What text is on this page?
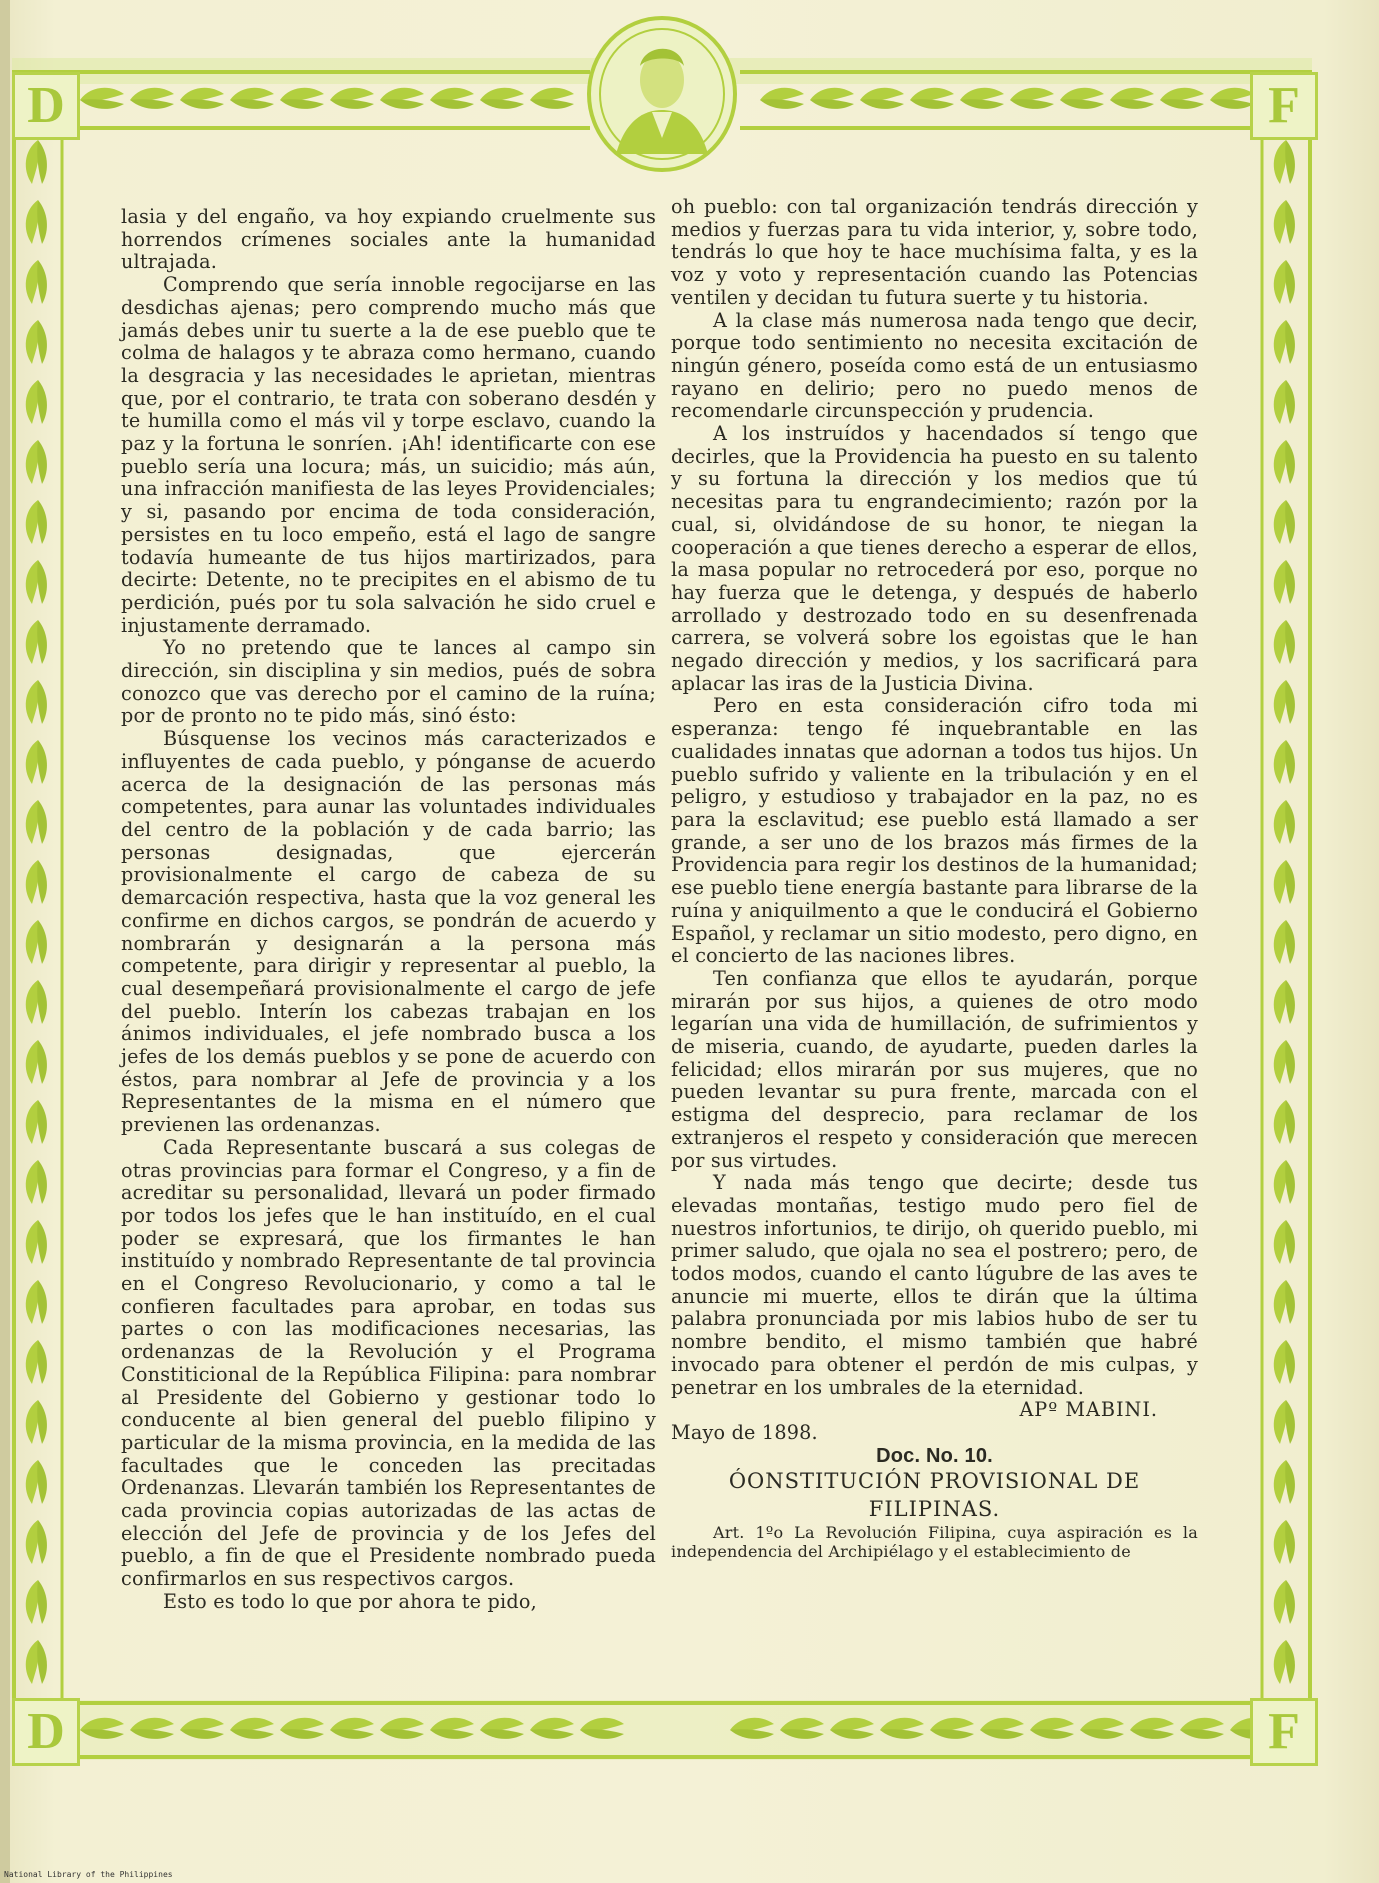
D	F
D	F

lasia y del engaño, va hoy expiando cruelmente sus horrendos crímenes sociales ante la humanidad ultrajada.

Comprendo que sería innoble regocijarse en las desdichas ajenas; pero comprendo mucho más que jamás debes unir tu suerte a la de ese pueblo que te colma de halagos y te abraza como hermano, cuando la desgracia y las necesidades le aprietan, mientras que, por el contrario, te trata con soberano desdén y te humilla como el más vil y torpe esclavo, cuando la paz y la fortuna le sonríen. ¡Ah! identificarte con ese pueblo sería una locura; más, un suicidio; más aún, una infracción manifiesta de las leyes Providenciales; y si, pasando por encima de toda consideración, persistes en tu loco empeño, está el lago de sangre todavía humeante de tus hijos martirizados, para decirte: Detente, no te precipites en el abismo de tu perdición, pués por tu sola salvación he sido cruel e injustamente derramado.

Yo no pretendo que te lances al campo sin dirección, sin disciplina y sin medios, pués de sobra conozco que vas derecho por el camino de la ruína; por de pronto no te pido más, sinó ésto:

Búsquense los vecinos más caracterizados e influyentes de cada pueblo, y pónganse de acuerdo acerca de la designación de las personas más competentes, para aunar las voluntades individuales del centro de la población y de cada barrio; las personas designadas, que ejercerán provisionalmente el cargo de cabeza de su demarcación respectiva, hasta que la voz general les confirme en dichos cargos, se pondrán de acuerdo y nombrarán y designarán a la persona más competente, para dirigir y representar al pueblo, la cual desempeñará provisionalmente el cargo de jefe del pueblo. Interín los cabezas trabajan en los ánimos individuales, el jefe nombrado busca a los jefes de los demás pueblos y se pone de acuerdo con éstos, para nombrar al Jefe de provincia y a los Representantes de la misma en el número que previenen las ordenanzas.

Cada Representante buscará a sus colegas de otras provincias para formar el Congreso, y a fin de acreditar su personalidad, llevará un poder firmado por todos los jefes que le han instituído, en el cual poder se expresará, que los firmantes le han instituído y nombrado Representante de tal provincia en el Congreso Revolucionario, y como a tal le confieren facultades para aprobar, en todas sus partes o con las modificaciones necesarias, las ordenanzas de la Revolución y el Programa Constiticional de la República Filipina: para nombrar al Presidente del Gobierno y gestionar todo lo conducente al bien general del pueblo filipino y particular de la misma provincia, en la medida de las facultades que le conceden las precitadas Ordenanzas. Llevarán también los Representantes de cada provincia copias autorizadas de las actas de elección del Jefe de provincia y de los Jefes del pueblo, a fin de que el Presidente nombrado pueda confirmarlos en sus respectivos cargos.

Esto es todo lo que por ahora te pido,

oh pueblo: con tal organización tendrás dirección y medios y fuerzas para tu vida interior, y, sobre todo, tendrás lo que hoy te hace muchísima falta, y es la voz y voto y representación cuando las Potencias ventilen y decidan tu futura suerte y tu historia.

A la clase más numerosa nada tengo que decir, porque todo sentimiento no necesita excitación de ningún género, poseída como está de un entusiasmo rayano en delirio; pero no puedo menos de recomendarle circunspección y prudencia.

A los instruídos y hacendados sí tengo que decirles, que la Providencia ha puesto en su talento y su fortuna la dirección y los medios que tú necesitas para tu engrandecimiento; razón por la cual, si, olvidándose de su honor, te niegan la cooperación a que tienes derecho a esperar de ellos, la masa popular no retrocederá por eso, porque no hay fuerza que le detenga, y después de haberlo arrollado y destrozado todo en su desenfrenada carrera, se volverá sobre los egoistas que le han negado dirección y medios, y los sacrificará para aplacar las iras de la Justicia Divina.

Pero en esta consideración cifro toda mi esperanza: tengo fé inquebrantable en las cualidades innatas que adornan a todos tus hijos. Un pueblo sufrido y valiente en la tribulación y en el peligro, y estudioso y trabajador en la paz, no es para la esclavitud; ese pueblo está llamado a ser grande, a ser uno de los brazos más firmes de la Providencia para regir los destinos de la humanidad; ese pueblo tiene energía bastante para librarse de la ruína y aniquilmento a que le conducirá el Gobierno Español, y reclamar un sitio modesto, pero digno, en el concierto de las naciones libres.

Ten confianza que ellos te ayudarán, porque mirarán por sus hijos, a quienes de otro modo legarían una vida de humillación, de sufrimientos y de miseria, cuando, de ayudarte, pueden darles la felicidad; ellos mirarán por sus mujeres, que no pueden levantar su pura frente, marcada con el estigma del desprecio, para reclamar de los extranjeros el respeto y consideración que merecen por sus virtudes.

Y nada más tengo que decirte; desde tus elevadas montañas, testigo mudo pero fiel de nuestros infortunios, te dirijo, oh querido pueblo, mi primer saludo, que ojala no sea el postrero; pero, de todos modos, cuando el canto lúgubre de las aves te anuncie mi muerte, ellos te dirán que la última palabra pronunciada por mis labios hubo de ser tu nombre bendito, el mismo también que habré invocado para obtener el perdón de mis culpas, y penetrar en los umbrales de la eternidad.

APº MABINI.

Mayo de 1898.

Doc. No. 10.

ÓONSTITUCIÓN PROVISIONAL DE FILIPINAS.

Art. 1ºo La Revolución Filipina, cuya aspiración es la independencia del Archipiélago y el establecimiento de

National Library of the Philippines
